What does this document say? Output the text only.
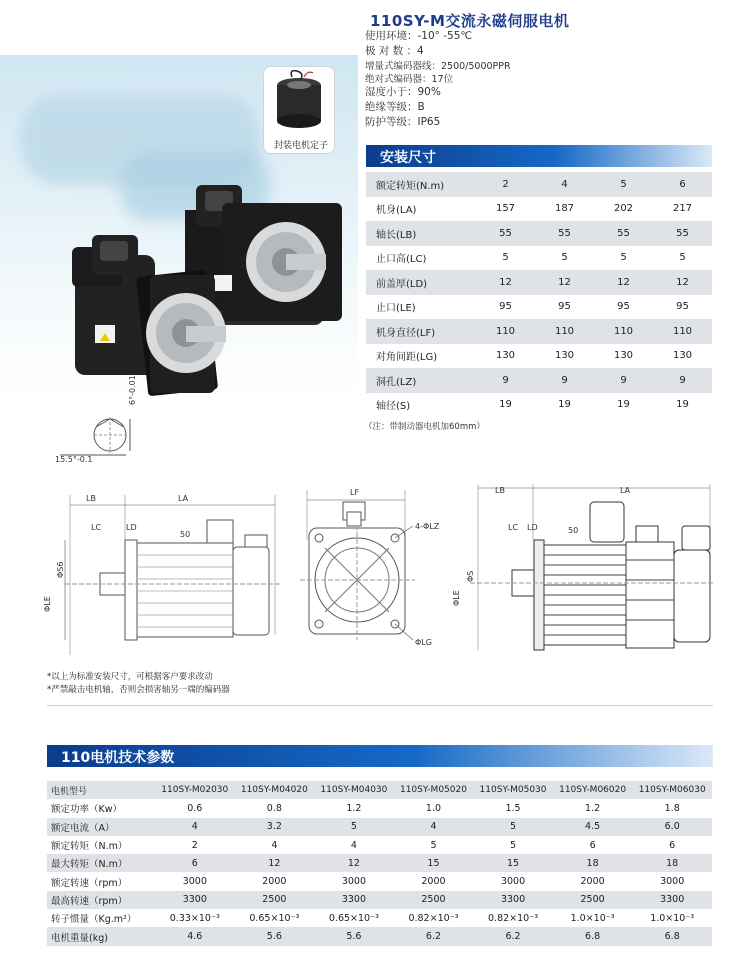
封装电机定子
110SY-M交流永磁伺服电机
使用环境：-10° -55℃
极 对 数 ：4
增量式编码器线：2500/5000PPR
绝对式编码器：17位
湿度小于：90%
绝缘等级：B
防护等级：IP65
安装尺寸
额定转矩(N.m)	2	4	5	6
机身(LA)	157	187	202	217
轴长(LB)	55	55	55	55
止口高(LC)	5	5	5	5
前盖厚(LD)	12	12	12	12
止口(LE)	95	95	95	95
机身直径(LF)	110	110	110	110
对角间距(LG)	130	130	130	130
洞孔(LZ)	9	9	9	9
轴径(S)	19	19	19	19
（注：带制动器电机加60mm）
15.5°-0.1
6°-0.01
LB	LA
LC	LD
50
ΦS6
ΦLE
LF
4-ΦLZ
ΦLG
LB	LA
LC LD	50
ΦS
ΦLE
*以上为标准安装尺寸，可根据客户要求改动
*严禁敲击电机轴，否则会损害轴另一端的编码器
110电机技术参数
电机型号	110SY-M02030	110SY-M04020	110SY-M04030	110SY-M05020	110SY-M05030	110SY-M06020	110SY-M06030
额定功率（Kw）	0.6	0.8	1.2	1.0	1.5	1.2	1.8
额定电流（A）	4	3.2	5	4	5	4.5	6.0
额定转矩（N.m）	2	4	4	5	5	6	6
最大转矩（N.m）	6	12	12	15	15	18	18
额定转速（rpm）	3000	2000	3000	2000	3000	2000	3000
最高转速（rpm）	3300	2500	3300	2500	3300	2500	3300
转子惯量（Kg.m²）	0.33×10⁻³	0.65×10⁻³	0.65×10⁻³	0.82×10⁻³	0.82×10⁻³	1.0×10⁻³	1.0×10⁻³
电机重量(kg)	4.6	5.6	5.6	6.2	6.2	6.8	6.8
